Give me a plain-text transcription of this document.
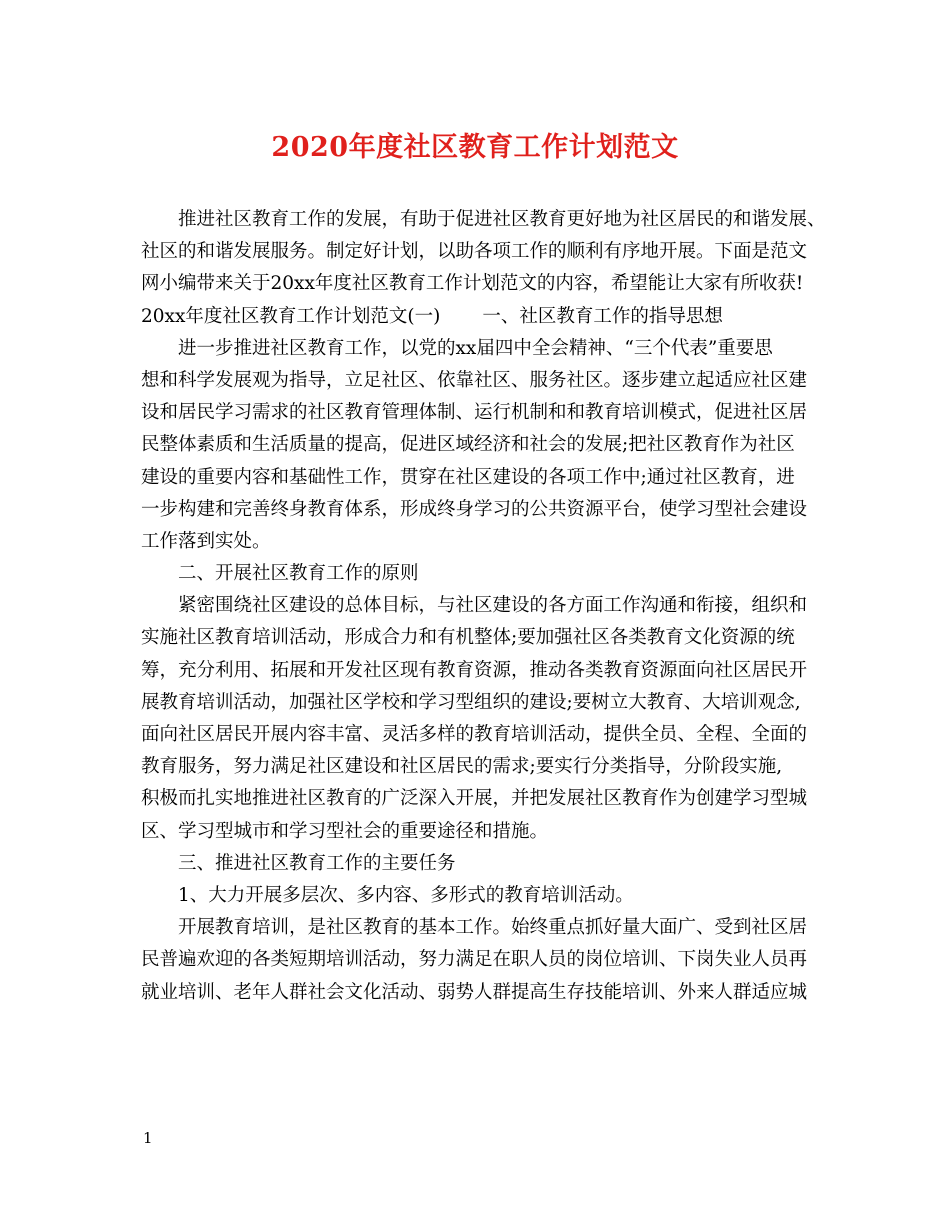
2020年度社区教育工作计划范文
推进社区教育工作的发展，有助于促进社区教育更好地为社区居民的和谐发展、
社区的和谐发展服务。制定好计划，以助各项工作的顺利有序地开展。下面是范文
网小编带来关于20xx年度社区教育工作计划范文的内容，希望能让大家有所收获!
20xx年度社区教育工作计划范文(一) 一、社区教育工作的指导思想
进一步推进社区教育工作，以党的xx届四中全会精神、“三个代表”重要思
想和科学发展观为指导，立足社区、依靠社区、服务社区。逐步建立起适应社区建
设和居民学习需求的社区教育管理体制、运行机制和和教育培训模式，促进社区居
民整体素质和生活质量的提高，促进区域经济和社会的发展;把社区教育作为社区
建设的重要内容和基础性工作，贯穿在社区建设的各项工作中;通过社区教育，进
一步构建和完善终身教育体系，形成终身学习的公共资源平台，使学习型社会建设
工作落到实处。
二、开展社区教育工作的原则
紧密围绕社区建设的总体目标，与社区建设的各方面工作沟通和衔接，组织和
实施社区教育培训活动，形成合力和有机整体;要加强社区各类教育文化资源的统
筹，充分利用、拓展和开发社区现有教育资源，推动各类教育资源面向社区居民开
展教育培训活动，加强社区学校和学习型组织的建设;要树立大教育、大培训观念,
面向社区居民开展内容丰富、灵活多样的教育培训活动，提供全员、全程、全面的
教育服务，努力满足社区建设和社区居民的需求;要实行分类指导，分阶段实施,
积极而扎实地推进社区教育的广泛深入开展，并把发展社区教育作为创建学习型城
区、学习型城市和学习型社会的重要途径和措施。
三、推进社区教育工作的主要任务
1、大力开展多层次、多内容、多形式的教育培训活动。
开展教育培训，是社区教育的基本工作。始终重点抓好量大面广、受到社区居
民普遍欢迎的各类短期培训活动，努力满足在职人员的岗位培训、下岗失业人员再
就业培训、老年人群社会文化活动、弱势人群提高生存技能培训、外来人群适应城
1
